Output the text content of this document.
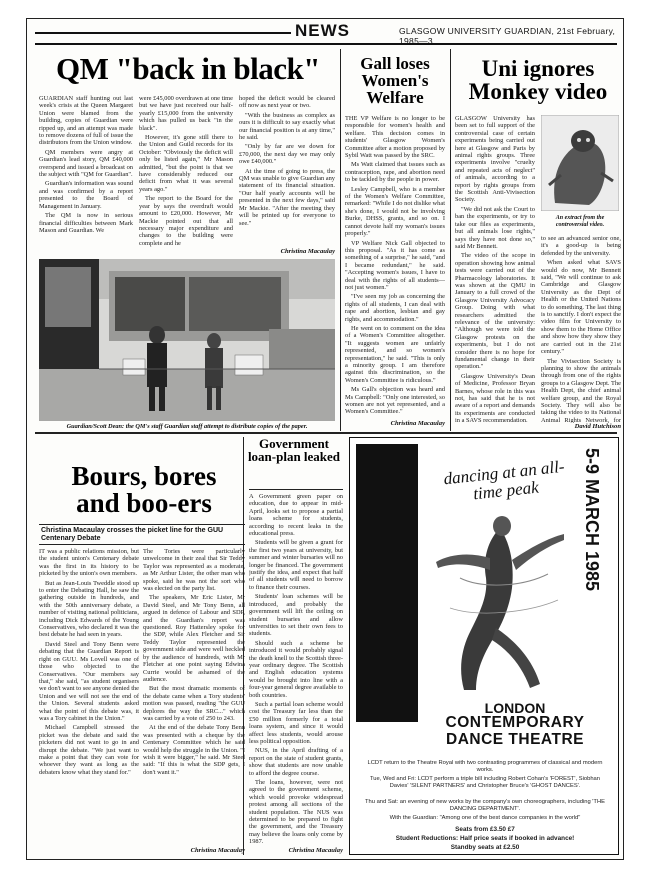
NEWS	GLASGOW UNIVERSITY GUARDIAN, 21st February, 1985—3
QM "back in black"

GUARDIAN staff hunting out last week's crisis at the Queen Margaret Union were blamed from the building, copies of Guardian were ripped up, and an attempt was made to remove dozens of full of issue the distributors from the Union window.

QM members were angry at Guardian's lead story, QM £40,000 overspend and issued a broadcast on the subject with "QM for Guardian".

Guardian's information was sound and was confirmed by a report presented to the Board of Management in January.

The QM is now in serious financial difficulties between Mark Mason and Guardian. We

were £45,000 overdrawn at one time but we have just received our half-yearly £15,000 from the university which has pulled us back "in the black".

However, it's gone still there to the Union and Guild records for its October: "Obviously the deficit will only be listed again," Mr Mason admitted, "but the point is that we have considerably reduced our deficit from what it was several years ago."

The report to the Board for the year by says the overdraft would amount to £20,000. However, Mr Mackie pointed out that all necessary major expenditure and changes to the building were complete and he

hoped the deficit would be cleared off now as next year or two.

"With the business as complex as ours it is difficult to say exactly what our financial position is at any time," he said.

"Only by far are we down for £70,000, the next day we may only owe £40,000."

At the time of going to press, the QM was unable to give Guardian any statement of its financial situation. "Our half yearly accounts will be presented in the next few days," said Mr Mackie. "After the meeting they will be printed up for everyone to see."

Christina Macaulay
Guardian/Scott Dean: the QM's staff Guardian staff attempt to distribute copies of the paper.
Gall loses Women's Welfare

THE VP Welfare is no longer to be responsible for women's health and welfare. This decision comes in students' Glasgow Women's Committee after a motion proposed by Sybil Watt was passed by the SRC.

Ms Watt claimed that issues such as contraception, rape, and abortion need to be tackled by the people in power.

Lesley Campbell, who is a member of the Women's Welfare Committee, remarked: "While I do not dislike what she's done, I would not be involving Burke, DHSS, grants, and so on. I cannot devote half my woman's issues properly."

VP Welfare Nick Gall objected to this proposal. "As it has come as something of a surprise," he said, "and I became redundant," he said. "Accepting women's issues, I have to deal with the rights of all students—not just women."

"I've seen my job as concerning the rights of all students, I can deal with rape and abortion, lesbian and gay rights, and accommodation."

He went on to comment on the idea of a Women's Committee altogether. "It suggests women are unfairly represented, and so women's representation," he said. "This is only a minority group. I am therefore against this discrimination, so the Women's Committee is ridiculous."

Ms Gall's objection was heard and Ms Campbell: "Only one interested, so women are not yet represented, and a Women's Committee."

Christina Macaulay
Uni ignores Monkey video

GLASGOW University has been set to full support of the controversial case of certain experiments being carried out here at Glasgow and Paris by animal rights groups. Three experiments involve "cruelty and repeated acts of neglect" of animals, according to a report by rights groups from the Scottish Anti-Vivisection Society.

"We did not ask the Court to ban the experiments, or try to take our files as experiments, but all animals lose rights," says they have not done so," said Mr Bennett.

The video of the scope in operation showing how animal tests were carried out of the Pharmacology laboratories. It was shown at the QMU in January to a full crowd of the Glasgow University Advocacy Group. Doing with what researchers admitted the relevance of the university: "Although we were told the Glasgow protests on the experiments, but I do not consider there is no hope for fundamental change in their operation."

Glasgow University's Dean of Medicine, Professor Bryan Barnes, whose role in this was not, has said that he is not aware of a report and demands its experiments are conducted in a SAVS recommendation.

An extract from the controversial video.

to see an advanced senior one, it's a good-up is being defended by the university.

When asked what SAVS would do now, Mr Bennett said, "We will continue to ask Cambridge and Glasgow University as the Dept of Health or the United Nations to do something. The last thing is to sanctify. I don't expect the video film for University to show them to the Home Office and show how they show they are carried out in the 21st century."

The Vivisection Society is planning to show the animals through from one of the rights groups to a Glasgow Dept. The Health Dept, the chief animal welfare group, and the Royal Society. They will also be taking the video to its National Animal Rights Network, for

David Hutchison
Bours, bores and boo-ers
Christina Macaulay crosses the picket line for the GUU Centenary Debate

IT was a public relations mission, but the student union's Centenary debate was the first in its history to be picketed by the union's own members.

But as Jean-Louis Tweddle stood up to enter the Debating Hall, he saw the gathering outside in hundreds, and with the 50th anniversary debate, a number of visiting national politicians, including Dick Edwards of the Young Conservatives, who declared it was the best debate he had seen in years.

David Steel and Tony Benn were debating that the Guardian Report is right on GUU. Ms Lovell was one of those who objected to the Conservatives. "Our members say that," she said, "as student organisers we don't want to see anyone denied the Union and we will not see the end of the Union. Several students asked what the point of this debate was, it was a Tory cabinet in the Union."

Michael Campbell stressed the picket was the debate and said the picketers did not want to go in and disrupt the debate. "We just want to make a point that they can vote for whoever they want as long as the debaters know what they stand for."

The Tories were particularly unwelcome in their zeal that Sir Teddy Taylor was represented as a moderate, as Mr Arthur Lister, the other man who spoke, said he was not the sort who was elected on the party list.

The speakers, Mr Eric Lister, Mr David Steel, and Mr Tony Benn, all argued in defence of Labour and SDP, and the Guardian's report was questioned. Roy Hattersley spoke for the SDP, while Alex Fletcher and Sir Teddy Taylor represented the government side and were well heckled by the audience of hundreds, with Mr Fletcher at one point saying Edwina Currie would be ashamed of the audience.

But the most dramatic moments of the debate came when a Tory students' motion was passed, reading "the GUU deplores the way the SRC..." which was carried by a vote of 250 to 243.

At the end of the debate Tony Benn was presented with a cheque by the Centenary Committee which he said would help the struggle in the Union. "I wish it were bigger," he said. Mr Steel said: "If this is what the SDP gets, I don't want it."

Christina Macaulay
Government loan-plan leaked

A Government green paper on education, due to appear in mid-April, looks set to propose a partial loans scheme for students, according to recent leaks in the educational press.

Students will be given a grant for the first two years at university, but summer and winter bursaries will no longer be financed. The government justify the idea, and expect that half of all students will need to borrow to finance their courses.

Students' loan schemes will be introduced, and probably the government will lift the ceiling on student bursaries and allow universities to set their own fees to students.

Should such a scheme be introduced it would probably signal the death knell to the Scottish three-year ordinary degree. The Scottish and English education systems would be brought into line with a four-year general degree available to both countries.

Such a partial loan scheme would cost the Treasury far less than the £50 million formerly for a total loans system, and since it would affect less students, would arouse less political opposition.

NUS, in the April drafting of a report on the state of student grants, show that students are now unable to afford the degree course.

The loans, however, were not agreed to the government scheme, which would provoke widespread protest among all sections of the student population. The NUS was determined to be prepared to fight the government, and the Treasury may believe the loans only come by 1987.

Christina Macaulay
5-9 MARCH 1985
dancing at an all-time peak
LONDON
CONTEMPORARY DANCE THEATRE
LCDT return to the Theatre Royal with two contrasting programmes of classical and modern works.
Tue, Wed and Fri: LCDT perform a triple bill including Robert Cohan's 'FOREST', Siobhan Davies' 'SILENT PARTNERS' and Christopher Bruce's 'GHOST DANCES'.
Thu and Sat: an evening of new works by the company's own choreographers, including 'THE DANCING DEPARTMENT'.
With the Guardian: "Among one of the best dance companies in the world"
Seats from £3.50 £7
Student Reductions: Half price seats if booked in advance!
Standby seats at £2.50
